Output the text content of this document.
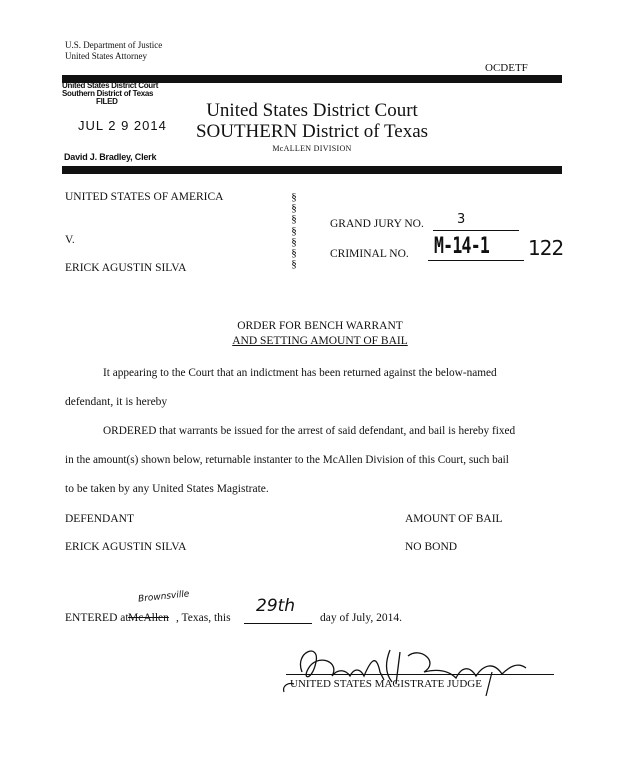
U.S. Department of Justice
United States Attorney
OCDETF
United States District Court
Southern District of Texas
FILED
JUL 2 9 2014
David J. Bradley, Clerk
United States District Court
SOUTHERN District of Texas
McALLEN DIVISION
UNITED STATES OF AMERICA
V.
ERICK AGUSTIN SILVA
§
§
§
§
§
§
§
GRAND JURY NO.	3
CRIMINAL NO. M-14-1 122
ORDER FOR BENCH WARRANT
AND SETTING AMOUNT OF BAIL
It appearing to the Court that an indictment has been returned against the below-named
defendant, it is hereby
ORDERED that warrants be issued for the arrest of said defendant, and bail is hereby fixed
in the amount(s) shown below, returnable instanter to the McAllen Division of this Court, such bail
to be taken by any United States Magistrate.
DEFENDANT	AMOUNT OF BAIL
ERICK AGUSTIN SILVA	NO BOND
ENTERED at
Brownsville
McAllen , Texas, this
29th
day of July, 2014.
UNITED STATES MAGISTRATE JUDGE
